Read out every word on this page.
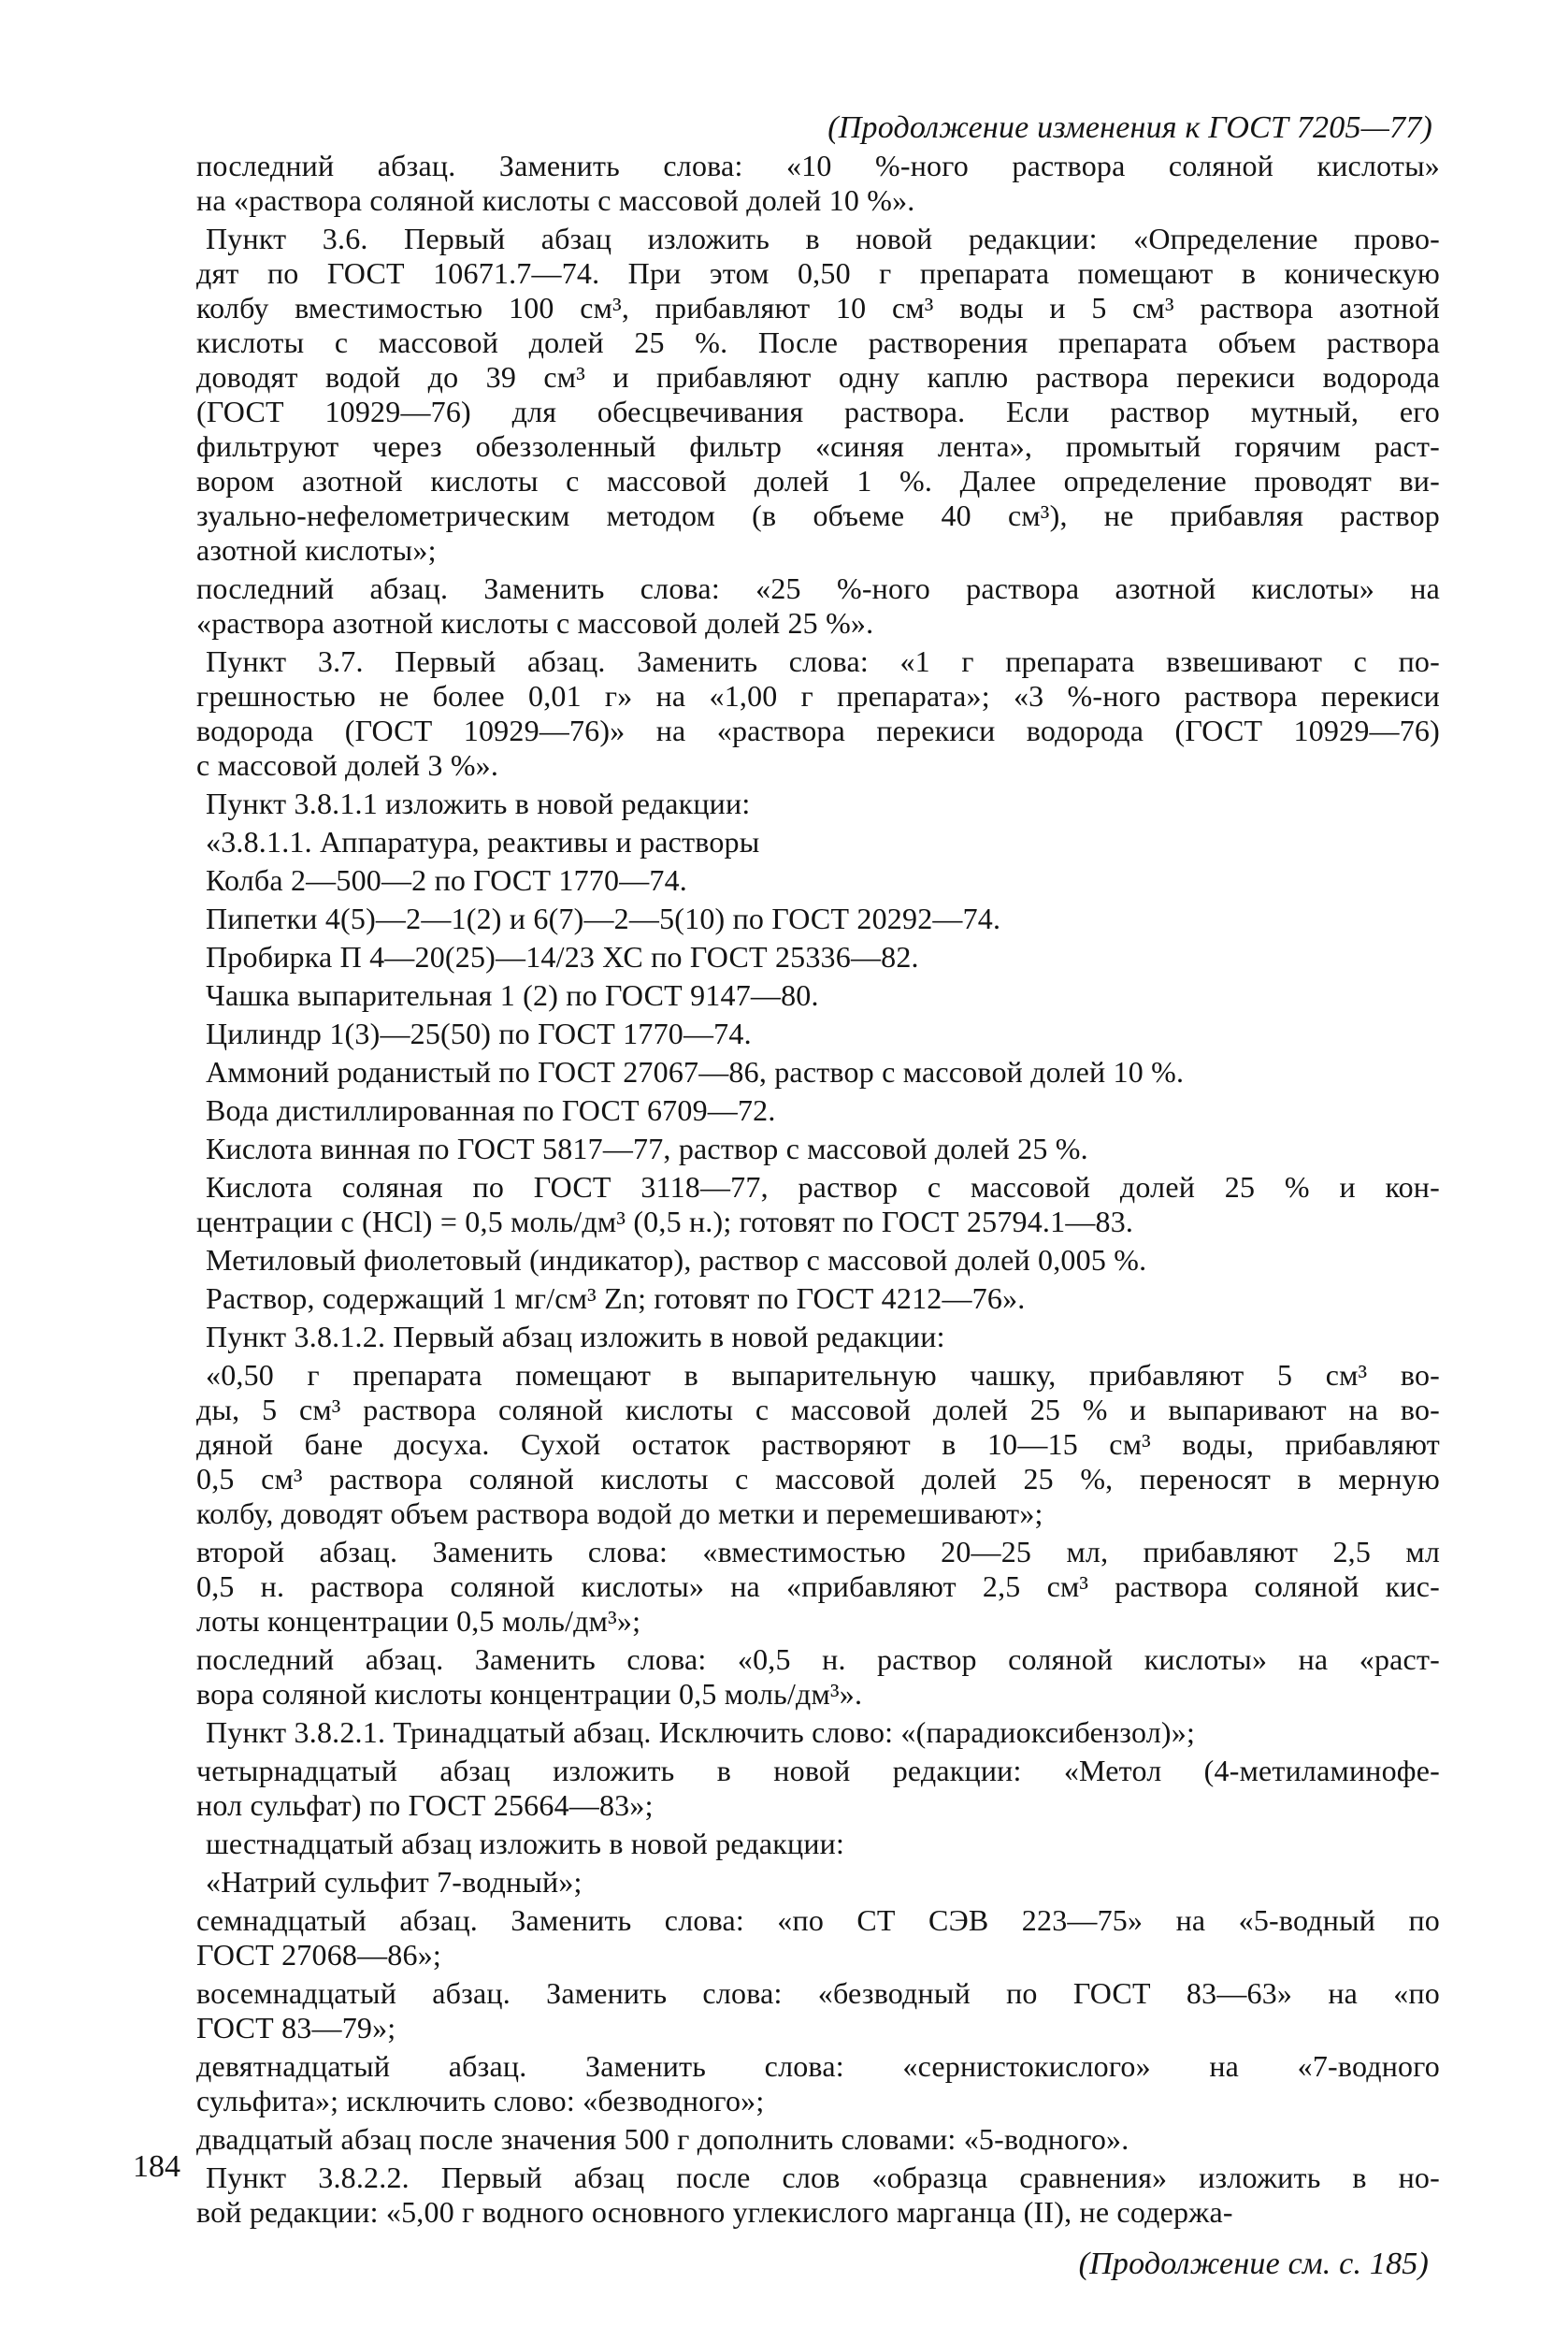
(Продолжение изменения к ГОСТ 7205—77)
последний абзац. Заменить слова: «10 %-ного раствора соляной кислоты»
на «раствора соляной кислоты с массовой долей 10 %».
Пункт 3.6. Первый абзац изложить в новой редакции: «Определение прово-
дят по ГОСТ 10671.7—74. При этом 0,50 г препарата помещают в коническую
колбу вместимостью 100 см³, прибавляют 10 см³ воды и 5 см³ раствора азотной
кислоты с массовой долей 25 %. После растворения препарата объем раствора
доводят водой до 39 см³ и прибавляют одну каплю раствора перекиси водорода
(ГОСТ 10929—76) для обесцвечивания раствора. Если раствор мутный, его
фильтруют через обеззоленный фильтр «синяя лента», промытый горячим раст-
вором азотной кислоты с массовой долей 1 %. Далее определение проводят ви-
зуально-нефелометрическим методом (в объеме 40 см³), не прибавляя раствор
азотной кислоты»;
последний абзац. Заменить слова: «25 %-ного раствора азотной кислоты» на
«раствора азотной кислоты с массовой долей 25 %».
Пункт 3.7. Первый абзац. Заменить слова: «1 г препарата взвешивают с по-
грешностью не более 0,01 г» на «1,00 г препарата»; «3 %-ного раствора перекиси
водорода (ГОСТ 10929—76)» на «раствора перекиси водорода (ГОСТ 10929—76)
с массовой долей 3 %».
Пункт 3.8.1.1 изложить в новой редакции:
«3.8.1.1. Аппаратура, реактивы и растворы
Колба 2—500—2 по ГОСТ 1770—74.
Пипетки 4(5)—2—1(2) и 6(7)—2—5(10) по ГОСТ 20292—74.
Пробирка П 4—20(25)—14/23 ХС по ГОСТ 25336—82.
Чашка выпарительная 1 (2) по ГОСТ 9147—80.
Цилиндр 1(3)—25(50) по ГОСТ 1770—74.
Аммоний роданистый по ГОСТ 27067—86, раствор с массовой долей 10 %.
Вода дистиллированная по ГОСТ 6709—72.
Кислота винная по ГОСТ 5817—77, раствор с массовой долей 25 %.
Кислота соляная по ГОСТ 3118—77, раствор с массовой долей 25 % и кон-
центрации с (HCl) = 0,5 моль/дм³ (0,5 н.); готовят по ГОСТ 25794.1—83.
Метиловый фиолетовый (индикатор), раствор с массовой долей 0,005 %.
Раствор, содержащий 1 мг/см³ Zn; готовят по ГОСТ 4212—76».
Пункт 3.8.1.2. Первый абзац изложить в новой редакции:
«0,50 г препарата помещают в выпарительную чашку, прибавляют 5 см³ во-
ды, 5 см³ раствора соляной кислоты с массовой долей 25 % и выпаривают на во-
дяной бане досуха. Сухой остаток растворяют в 10—15 см³ воды, прибавляют
0,5 см³ раствора соляной кислоты с массовой долей 25 %, переносят в мерную
колбу, доводят объем раствора водой до метки и перемешивают»;
второй абзац. Заменить слова: «вместимостью 20—25 мл, прибавляют 2,5 мл
0,5 н. раствора соляной кислоты» на «прибавляют 2,5 см³ раствора соляной кис-
лоты концентрации 0,5 моль/дм³»;
последний абзац. Заменить слова: «0,5 н. раствор соляной кислоты» на «раст-
вора соляной кислоты концентрации 0,5 моль/дм³».
Пункт 3.8.2.1. Тринадцатый абзац. Исключить слово: «(парадиоксибензол)»;
четырнадцатый абзац изложить в новой редакции: «Метол (4-метиламинофе-
нол сульфат) по ГОСТ 25664—83»;
шестнадцатый абзац изложить в новой редакции:
«Натрий сульфит 7-водный»;
семнадцатый абзац. Заменить слова: «по СТ СЭВ 223—75» на «5-водный по
ГОСТ 27068—86»;
восемнадцатый абзац. Заменить слова: «безводный по ГОСТ 83—63» на «по
ГОСТ 83—79»;
девятнадцатый абзац. Заменить слова: «сернистокислого» на «7-водного
сульфита»; исключить слово: «безводного»;
двадцатый абзац после значения 500 г дополнить словами: «5-водного».
Пункт 3.8.2.2. Первый абзац после слов «образца сравнения» изложить в но-
вой редакции: «5,00 г водного основного углекислого марганца (II), не содержа-
(Продолжение см. с. 185)
184
